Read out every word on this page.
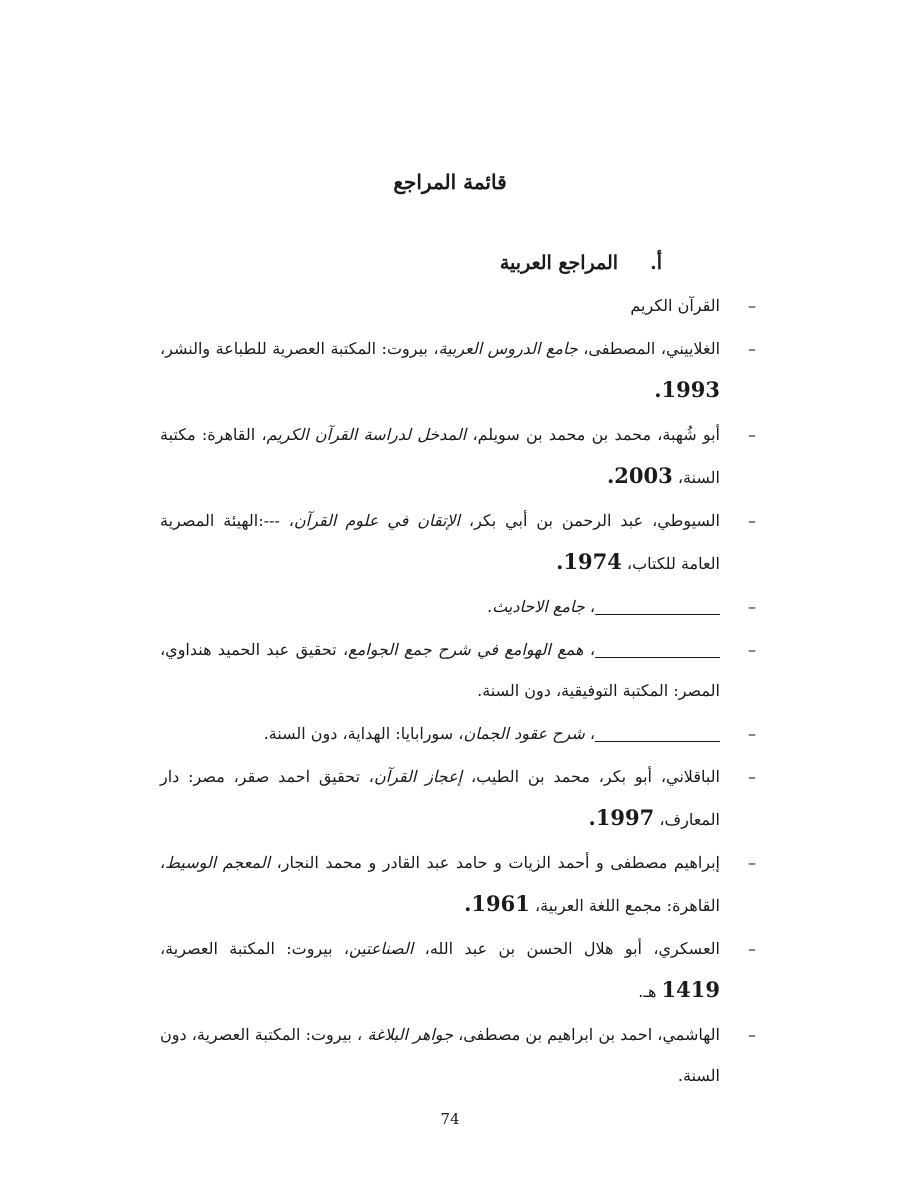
قائمة المراجع
أ.
المراجع العربية
–
القرآن الكريم
–
الغلاييني، المصطفى، جامع الدروس العربية، بيروت: المكتبة العصرية للطباعة والنشر، 1993.
–
أبو شُهبة، محمد بن محمد بن سويلم، المدخل لدراسة القرآن الكريم، القاهرة: مكتبة السنة، 2003.
–
السيوطي، عبد الرحمن بن أبي بكر، الإتقان في علوم القرآن، ---:الهيئة المصرية العامة للكتاب، 1974.
–
، جامع الاحاديث.
–
، همع الهوامع في شرح جمع الجوامع، تحقيق عبد الحميد هنداوي، المصر: المكتبة التوفيقية، دون السنة.
–
، شرح عقود الجمان، سورابايا: الهداية، دون السنة.
–
الباقلاني، أبو بكر، محمد بن الطيب، إعجاز القرآن، تحقيق احمد صقر، مصر: دار المعارف، 1997.
–
إبراهيم مصطفى و أحمد الزيات و حامد عبد القادر و محمد النجار، المعجم الوسيط، القاهرة: مجمع اللغة العربية، 1961.
–
العسكري، أبو هلال الحسن بن عبد الله، الصناعتين، بيروت: المكتبة العصرية، 1419 هـ.
–
الهاشمي، احمد بن ابراهيم بن مصطفى، جواهر البلاغة ، بيروت: المكتبة العصرية، دون السنة.
74
